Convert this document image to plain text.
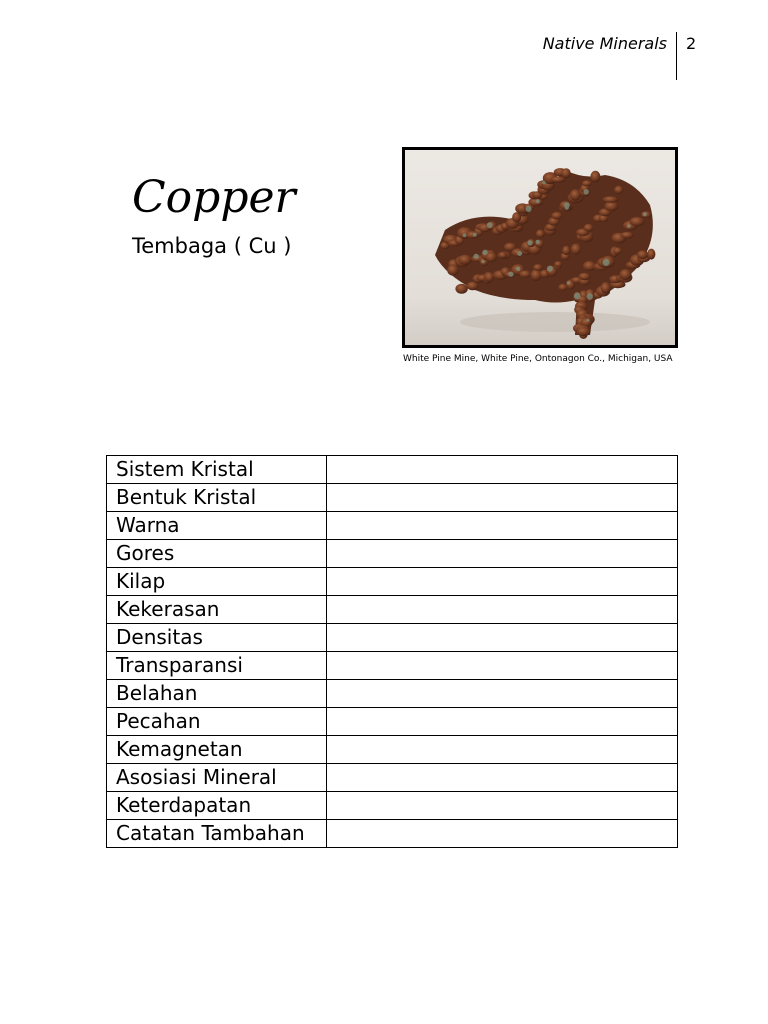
Native Minerals 2
Copper
Tembaga ( Cu )
White Pine Mine, White Pine, Ontonagon Co., Michigan, USA
Sistem Kristal	
Bentuk Kristal	
Warna	
Gores	
Kilap	
Kekerasan	
Densitas	
Transparansi	
Belahan	
Pecahan	
Kemagnetan	
Asosiasi Mineral	
Keterdapatan	
Catatan Tambahan	
